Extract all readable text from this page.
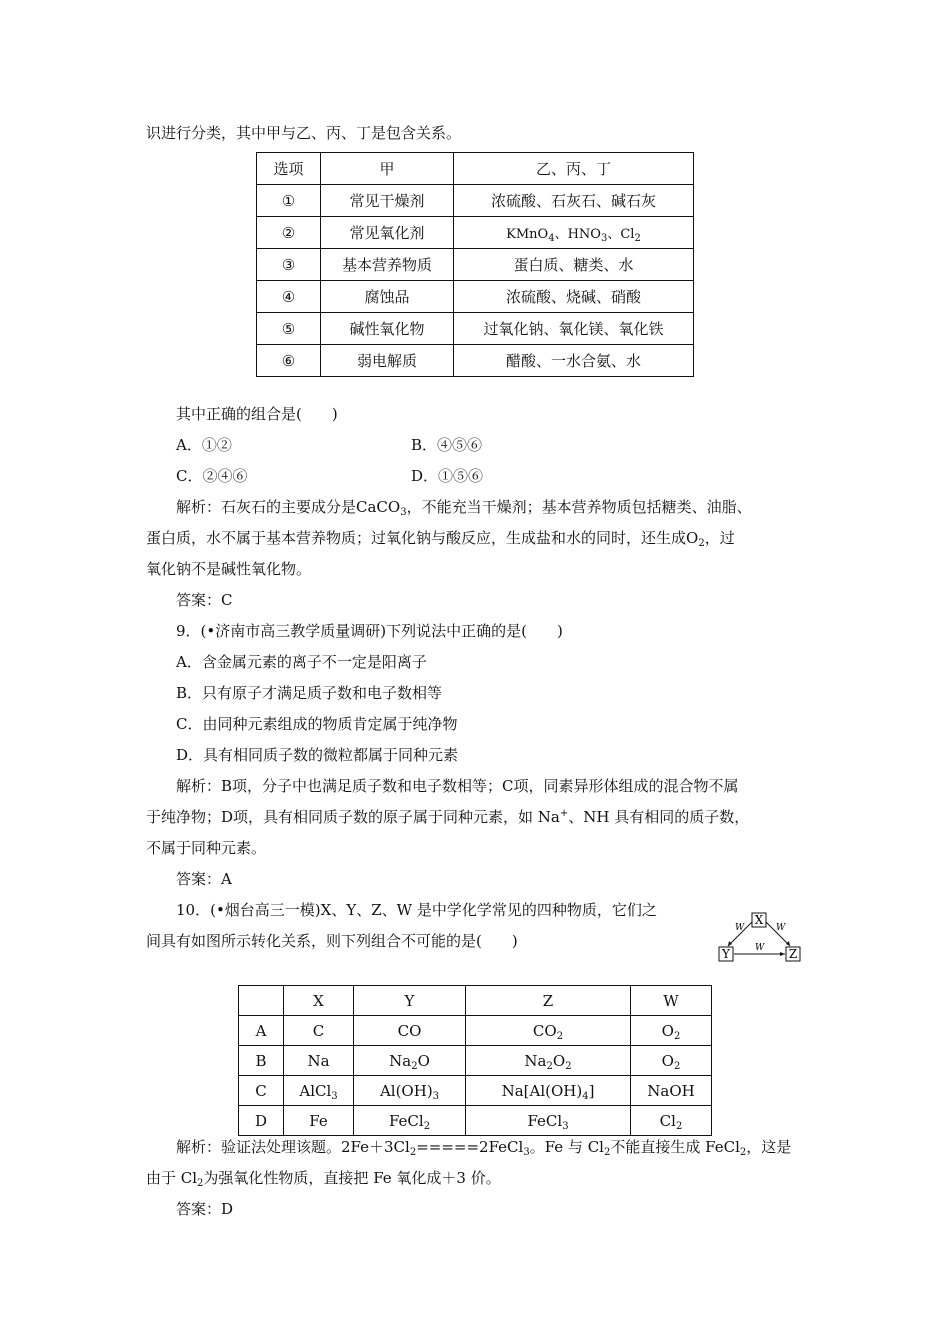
识进行分类，其中甲与乙、丙、丁是包含关系。
选项	甲	乙、丙、丁
①	常见干燥剂	浓硫酸、石灰石、碱石灰
②	常见氧化剂	KMnO$_4$、$HNO_3$、$Cl_2$
③	基本营养物质	蛋白质、糖类、水
④	腐蚀品	浓硫酸、烧碱、硝酸
⑤	碱性氧化物	过氧化钠、氧化镁、氧化铁
⑥	弱电解质	醋酸、一水合氨、水
其中正确的组合是(　　)
A．①②	B．④⑤⑥
C．②④⑥	D．①⑤⑥
解析：石灰石的主要成分是CaCO$_3$，不能充当干燥剂；基本营养物质包括糖类、油脂、
蛋白质，水不属于基本营养物质；过氧化钠与酸反应，生成盐和水的同时，还生成$O_2$，过
氧化钠不是碱性氧化物。
答案：C
9．(•济南市高三教学质量调研)下列说法中正确的是(　　)
A．含金属元素的离子不一定是阳离子
B．只有原子才满足质子数和电子数相等
C．由同种元素组成的物质肯定属于纯净物
D．具有相同质子数的微粒都属于同种元素
解析：B项，分子中也满足质子数和电子数相等；C项，同素异形体组成的混合物不属
于纯净物；D项，具有相同质子数的原子属于同种元素，如 Na+、NH 具有相同的质子数，
不属于同种元素。
答案：A
10．(•烟台高三一模)X、Y、Z、W 是中学化学常见的四种物质，它们之
间具有如图所示转化关系，则下列组合不可能的是(　　)
X
Y	Z
W	W
W
	X	Y	Z	W
A	C	CO	$CO_2$	$O_2$
B	Na	$Na_2O$	$Na_2O_2$	$O_2$
C	AlCl$_3$	$Al(OH)_3$	$Na[Al(OH)_4]$	NaOH
D	Fe	FeCl$_2$	FeCl$_3$	$Cl_2$
解析：验证法处理该题。$2Fe+3Cl_2=====2FeCl_3$。Fe 与 $Cl_2$不能直接生成 FeCl$_2$，这是
由于 $Cl_2$为强氧化性物质，直接把 Fe 氧化成＋3 价。
答案：D
